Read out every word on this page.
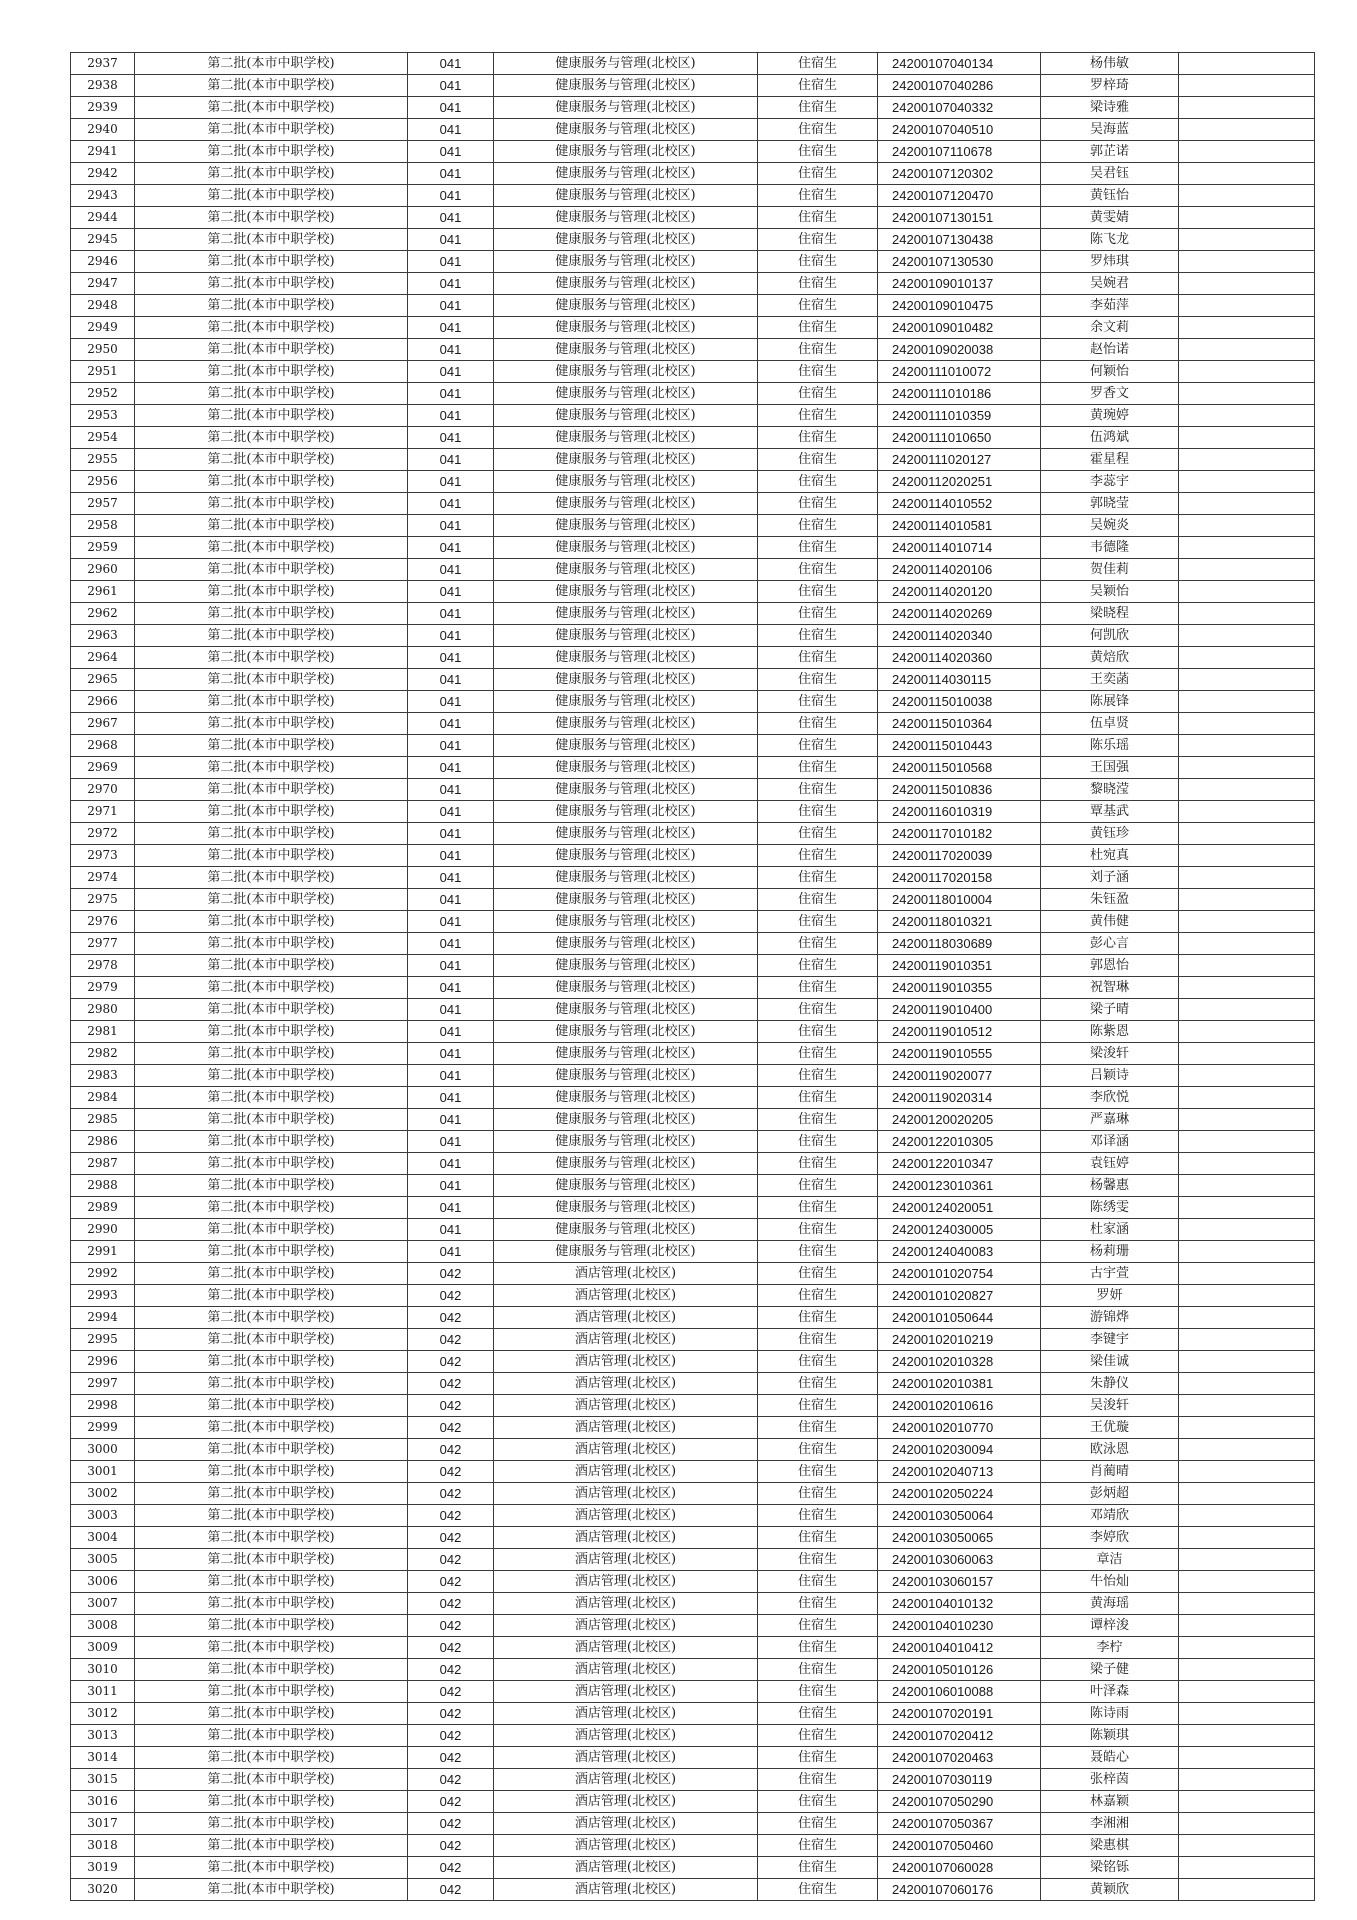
2937	第二批(本市中职学校)	041	健康服务与管理(北校区)	住宿生	24200107040134	杨伟敏	
2938	第二批(本市中职学校)	041	健康服务与管理(北校区)	住宿生	24200107040286	罗梓琦	
2939	第二批(本市中职学校)	041	健康服务与管理(北校区)	住宿生	24200107040332	梁诗雅	
2940	第二批(本市中职学校)	041	健康服务与管理(北校区)	住宿生	24200107040510	吴海蓝	
2941	第二批(本市中职学校)	041	健康服务与管理(北校区)	住宿生	24200107110678	郭芷诺	
2942	第二批(本市中职学校)	041	健康服务与管理(北校区)	住宿生	24200107120302	吴君钰	
2943	第二批(本市中职学校)	041	健康服务与管理(北校区)	住宿生	24200107120470	黄钰怡	
2944	第二批(本市中职学校)	041	健康服务与管理(北校区)	住宿生	24200107130151	黄雯婧	
2945	第二批(本市中职学校)	041	健康服务与管理(北校区)	住宿生	24200107130438	陈飞龙	
2946	第二批(本市中职学校)	041	健康服务与管理(北校区)	住宿生	24200107130530	罗炜琪	
2947	第二批(本市中职学校)	041	健康服务与管理(北校区)	住宿生	24200109010137	吴婉君	
2948	第二批(本市中职学校)	041	健康服务与管理(北校区)	住宿生	24200109010475	李茹萍	
2949	第二批(本市中职学校)	041	健康服务与管理(北校区)	住宿生	24200109010482	余文莉	
2950	第二批(本市中职学校)	041	健康服务与管理(北校区)	住宿生	24200109020038	赵怡诺	
2951	第二批(本市中职学校)	041	健康服务与管理(北校区)	住宿生	24200111010072	何颖怡	
2952	第二批(本市中职学校)	041	健康服务与管理(北校区)	住宿生	24200111010186	罗香文	
2953	第二批(本市中职学校)	041	健康服务与管理(北校区)	住宿生	24200111010359	黄琬婷	
2954	第二批(本市中职学校)	041	健康服务与管理(北校区)	住宿生	24200111010650	伍鸿斌	
2955	第二批(本市中职学校)	041	健康服务与管理(北校区)	住宿生	24200111020127	霍星程	
2956	第二批(本市中职学校)	041	健康服务与管理(北校区)	住宿生	24200112020251	李蕊宇	
2957	第二批(本市中职学校)	041	健康服务与管理(北校区)	住宿生	24200114010552	郭晓莹	
2958	第二批(本市中职学校)	041	健康服务与管理(北校区)	住宿生	24200114010581	吴婉炎	
2959	第二批(本市中职学校)	041	健康服务与管理(北校区)	住宿生	24200114010714	韦德隆	
2960	第二批(本市中职学校)	041	健康服务与管理(北校区)	住宿生	24200114020106	贺佳莉	
2961	第二批(本市中职学校)	041	健康服务与管理(北校区)	住宿生	24200114020120	吴颖怡	
2962	第二批(本市中职学校)	041	健康服务与管理(北校区)	住宿生	24200114020269	梁晓程	
2963	第二批(本市中职学校)	041	健康服务与管理(北校区)	住宿生	24200114020340	何凯欣	
2964	第二批(本市中职学校)	041	健康服务与管理(北校区)	住宿生	24200114020360	黄焙欣	
2965	第二批(本市中职学校)	041	健康服务与管理(北校区)	住宿生	24200114030115	王奕菡	
2966	第二批(本市中职学校)	041	健康服务与管理(北校区)	住宿生	24200115010038	陈展锋	
2967	第二批(本市中职学校)	041	健康服务与管理(北校区)	住宿生	24200115010364	伍卓贤	
2968	第二批(本市中职学校)	041	健康服务与管理(北校区)	住宿生	24200115010443	陈乐瑶	
2969	第二批(本市中职学校)	041	健康服务与管理(北校区)	住宿生	24200115010568	王国强	
2970	第二批(本市中职学校)	041	健康服务与管理(北校区)	住宿生	24200115010836	黎晓滢	
2971	第二批(本市中职学校)	041	健康服务与管理(北校区)	住宿生	24200116010319	覃基武	
2972	第二批(本市中职学校)	041	健康服务与管理(北校区)	住宿生	24200117010182	黄钰珍	
2973	第二批(本市中职学校)	041	健康服务与管理(北校区)	住宿生	24200117020039	杜宛真	
2974	第二批(本市中职学校)	041	健康服务与管理(北校区)	住宿生	24200117020158	刘子涵	
2975	第二批(本市中职学校)	041	健康服务与管理(北校区)	住宿生	24200118010004	朱钰盈	
2976	第二批(本市中职学校)	041	健康服务与管理(北校区)	住宿生	24200118010321	黄伟健	
2977	第二批(本市中职学校)	041	健康服务与管理(北校区)	住宿生	24200118030689	彭心言	
2978	第二批(本市中职学校)	041	健康服务与管理(北校区)	住宿生	24200119010351	郭恩怡	
2979	第二批(本市中职学校)	041	健康服务与管理(北校区)	住宿生	24200119010355	祝智琳	
2980	第二批(本市中职学校)	041	健康服务与管理(北校区)	住宿生	24200119010400	梁子晴	
2981	第二批(本市中职学校)	041	健康服务与管理(北校区)	住宿生	24200119010512	陈紫恩	
2982	第二批(本市中职学校)	041	健康服务与管理(北校区)	住宿生	24200119010555	梁浚轩	
2983	第二批(本市中职学校)	041	健康服务与管理(北校区)	住宿生	24200119020077	吕颖诗	
2984	第二批(本市中职学校)	041	健康服务与管理(北校区)	住宿生	24200119020314	李欣悦	
2985	第二批(本市中职学校)	041	健康服务与管理(北校区)	住宿生	24200120020205	严嘉琳	
2986	第二批(本市中职学校)	041	健康服务与管理(北校区)	住宿生	24200122010305	邓译涵	
2987	第二批(本市中职学校)	041	健康服务与管理(北校区)	住宿生	24200122010347	袁钰婷	
2988	第二批(本市中职学校)	041	健康服务与管理(北校区)	住宿生	24200123010361	杨馨惠	
2989	第二批(本市中职学校)	041	健康服务与管理(北校区)	住宿生	24200124020051	陈绣雯	
2990	第二批(本市中职学校)	041	健康服务与管理(北校区)	住宿生	24200124030005	杜家涵	
2991	第二批(本市中职学校)	041	健康服务与管理(北校区)	住宿生	24200124040083	杨莉珊	
2992	第二批(本市中职学校)	042	酒店管理(北校区)	住宿生	24200101020754	古宇萱	
2993	第二批(本市中职学校)	042	酒店管理(北校区)	住宿生	24200101020827	罗妍	
2994	第二批(本市中职学校)	042	酒店管理(北校区)	住宿生	24200101050644	游锦烨	
2995	第二批(本市中职学校)	042	酒店管理(北校区)	住宿生	24200102010219	李键宇	
2996	第二批(本市中职学校)	042	酒店管理(北校区)	住宿生	24200102010328	梁佳诚	
2997	第二批(本市中职学校)	042	酒店管理(北校区)	住宿生	24200102010381	朱静仪	
2998	第二批(本市中职学校)	042	酒店管理(北校区)	住宿生	24200102010616	吴浚轩	
2999	第二批(本市中职学校)	042	酒店管理(北校区)	住宿生	24200102010770	王优璇	
3000	第二批(本市中职学校)	042	酒店管理(北校区)	住宿生	24200102030094	欧泳恩	
3001	第二批(本市中职学校)	042	酒店管理(北校区)	住宿生	24200102040713	肖蔺晴	
3002	第二批(本市中职学校)	042	酒店管理(北校区)	住宿生	24200102050224	彭炳超	
3003	第二批(本市中职学校)	042	酒店管理(北校区)	住宿生	24200103050064	邓靖欣	
3004	第二批(本市中职学校)	042	酒店管理(北校区)	住宿生	24200103050065	李婷欣	
3005	第二批(本市中职学校)	042	酒店管理(北校区)	住宿生	24200103060063	章洁	
3006	第二批(本市中职学校)	042	酒店管理(北校区)	住宿生	24200103060157	牛怡灿	
3007	第二批(本市中职学校)	042	酒店管理(北校区)	住宿生	24200104010132	黄海瑶	
3008	第二批(本市中职学校)	042	酒店管理(北校区)	住宿生	24200104010230	谭梓浚	
3009	第二批(本市中职学校)	042	酒店管理(北校区)	住宿生	24200104010412	李柠	
3010	第二批(本市中职学校)	042	酒店管理(北校区)	住宿生	24200105010126	梁子健	
3011	第二批(本市中职学校)	042	酒店管理(北校区)	住宿生	24200106010088	叶泽森	
3012	第二批(本市中职学校)	042	酒店管理(北校区)	住宿生	24200107020191	陈诗雨	
3013	第二批(本市中职学校)	042	酒店管理(北校区)	住宿生	24200107020412	陈颖琪	
3014	第二批(本市中职学校)	042	酒店管理(北校区)	住宿生	24200107020463	聂皓心	
3015	第二批(本市中职学校)	042	酒店管理(北校区)	住宿生	24200107030119	张梓茵	
3016	第二批(本市中职学校)	042	酒店管理(北校区)	住宿生	24200107050290	林嘉颖	
3017	第二批(本市中职学校)	042	酒店管理(北校区)	住宿生	24200107050367	李湘湘	
3018	第二批(本市中职学校)	042	酒店管理(北校区)	住宿生	24200107050460	梁惠棋	
3019	第二批(本市中职学校)	042	酒店管理(北校区)	住宿生	24200107060028	梁铭铄	
3020	第二批(本市中职学校)	042	酒店管理(北校区)	住宿生	24200107060176	黄颖欣	
